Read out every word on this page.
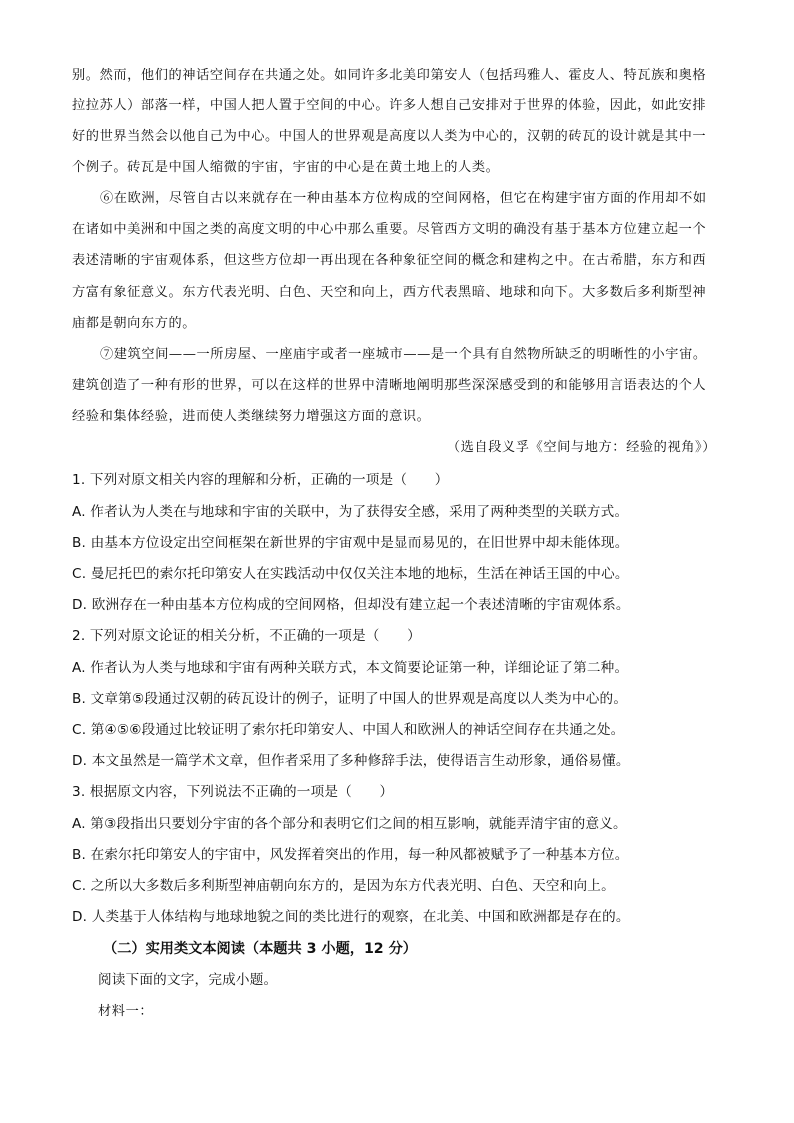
别。然而，他们的神话空间存在共通之处。如同许多北美印第安人（包括玛雅人、霍皮人、特瓦族和奥格
拉拉苏人）部落一样，中国人把人置于空间的中心。许多人想自己安排对于世界的体验，因此，如此安排
好的世界当然会以他自己为中心。中国人的世界观是高度以人类为中心的，汉朝的砖瓦的设计就是其中一
个例子。砖瓦是中国人缩微的宇宙，宇宙的中心是在黄土地上的人类。
⑥在欧洲，尽管自古以来就存在一种由基本方位构成的空间网格，但它在构建宇宙方面的作用却不如
在诸如中美洲和中国之类的高度文明的中心中那么重要。尽管西方文明的确没有基于基本方位建立起一个
表述清晰的宇宙观体系，但这些方位却一再出现在各种象征空间的概念和建构之中。在古希腊，东方和西
方富有象征意义。东方代表光明、白色、天空和向上，西方代表黑暗、地球和向下。大多数后多利斯型神
庙都是朝向东方的。
⑦建筑空间——一所房屋、一座庙宇或者一座城市——是一个具有自然物所缺乏的明晰性的小宇宙。
建筑创造了一种有形的世界，可以在这样的世界中清晰地阐明那些深深感受到的和能够用言语表达的个人
经验和集体经验，进而使人类继续努力增强这方面的意识。
（选自段义孚《空间与地方：经验的视角》）
1. 下列对原文相关内容的理解和分析，正确的一项是（　　）
A. 作者认为人类在与地球和宇宙的关联中，为了获得安全感，采用了两种类型的关联方式。
B. 由基本方位设定出空间框架在新世界的宇宙观中是显而易见的，在旧世界中却未能体现。
C. 曼尼托巴的索尔托印第安人在实践活动中仅仅关注本地的地标，生活在神话王国的中心。
D. 欧洲存在一种由基本方位构成的空间网格，但却没有建立起一个表述清晰的宇宙观体系。
2. 下列对原文论证的相关分析，不正确的一项是（　　）
A. 作者认为人类与地球和宇宙有两种关联方式，本文简要论证第一种，详细论证了第二种。
B. 文章第⑤段通过汉朝的砖瓦设计的例子，证明了中国人的世界观是高度以人类为中心的。
C. 第④⑤⑥段通过比较证明了索尔托印第安人、中国人和欧洲人的神话空间存在共通之处。
D. 本文虽然是一篇学术文章，但作者采用了多种修辞手法，使得语言生动形象，通俗易懂。
3. 根据原文内容，下列说法不正确的一项是（　　）
A. 第③段指出只要划分宇宙的各个部分和表明它们之间的相互影响，就能弄清宇宙的意义。
B. 在索尔托印第安人的宇宙中，风发挥着突出的作用，每一种风都被赋予了一种基本方位。
C. 之所以大多数后多利斯型神庙朝向东方的，是因为东方代表光明、白色、天空和向上。
D. 人类基于人体结构与地球地貌之间的类比进行的观察，在北美、中国和欧洲都是存在的。
（二）实用类文本阅读（本题共 3 小题，12 分）
阅读下面的文字，完成小题。
材料一：
